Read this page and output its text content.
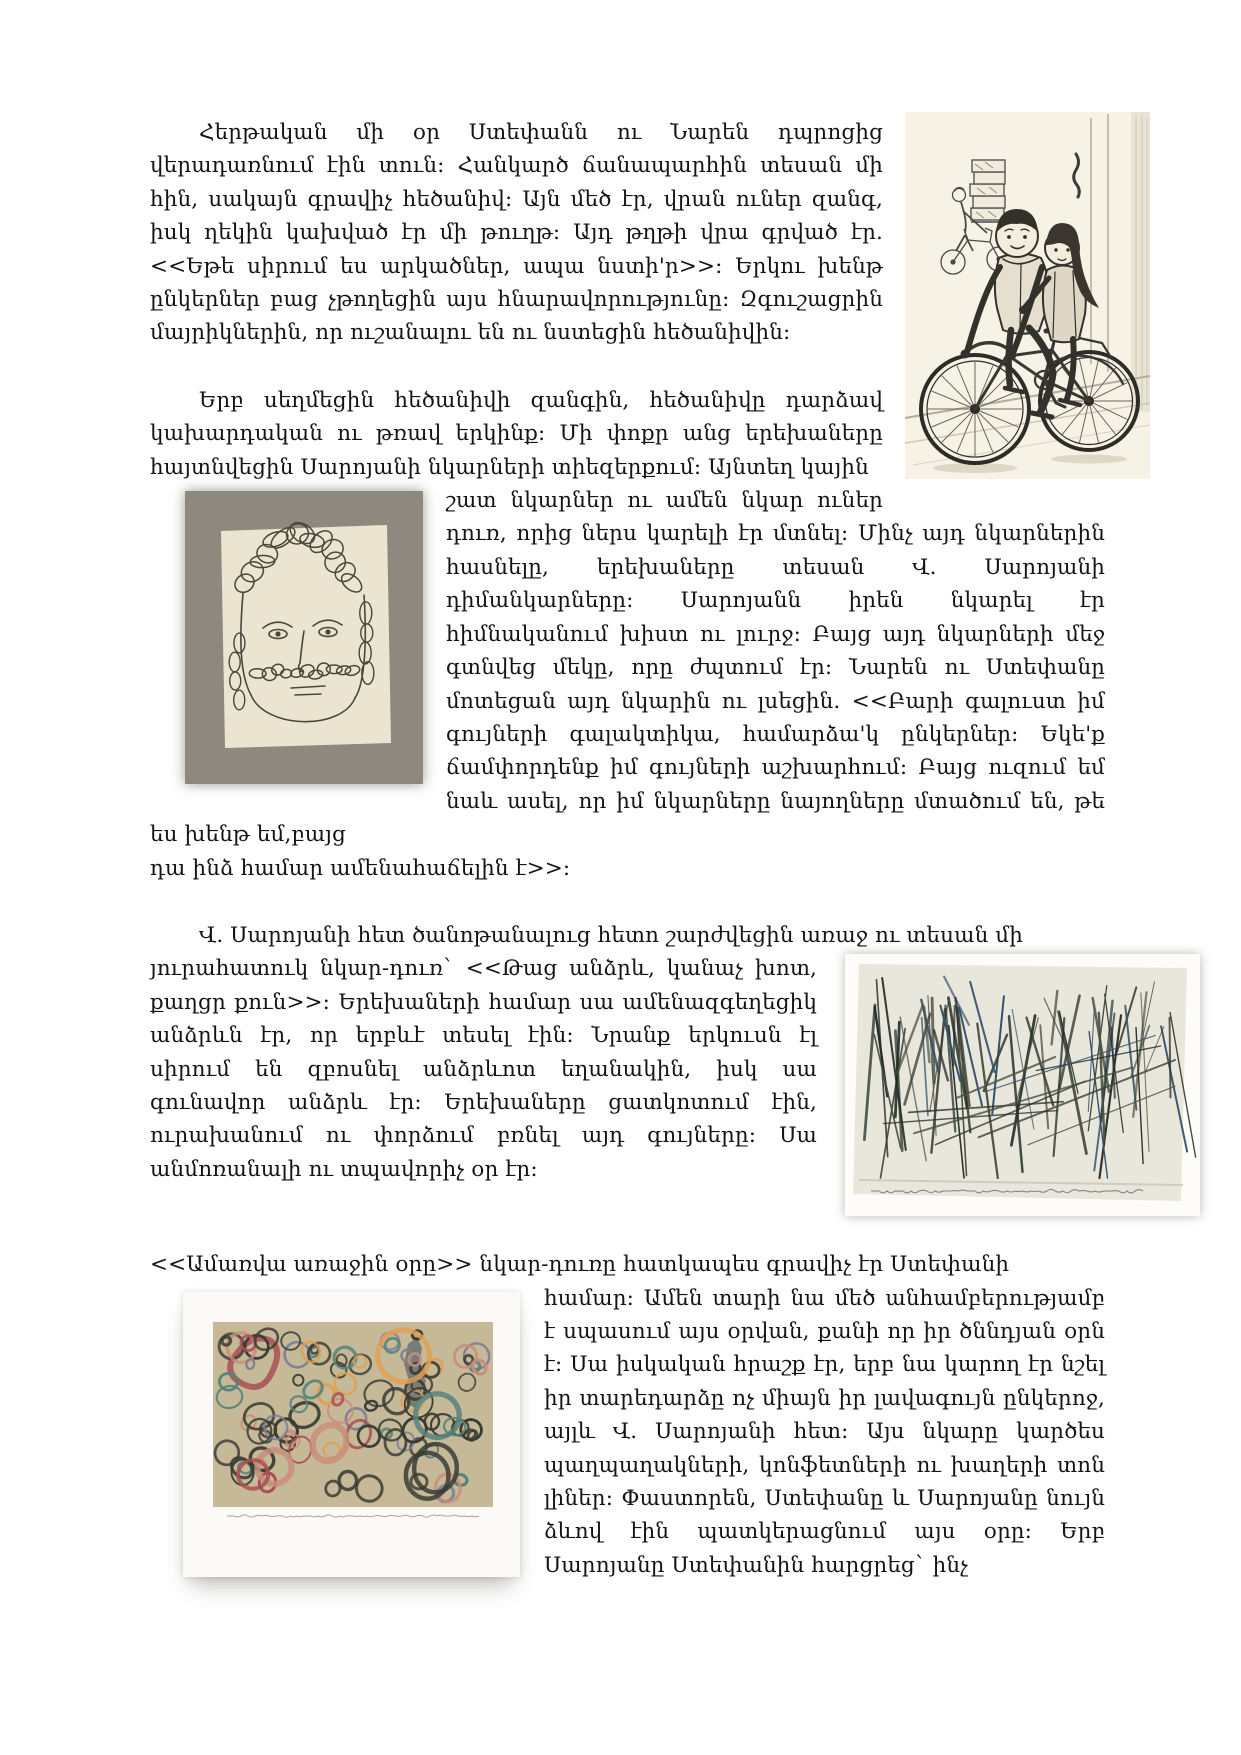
Հերթական մի օր Ստեփանն ու Նարեն դպրոցից վերադառնում էին տուն: Հանկարծ ճանապարհին տեսան մի հին, սակայն գրավիչ հեծանիվ: Այն մեծ էր, վրան ուներ զանգ, իսկ ղեկին կախված էր մի թուղթ: Այդ թղթի վրա գրված էր.<<Եթե սիրում ես արկածներ, ապա նստի'ր>>: Երկու խենթ ընկերներ բաց չթողեցին այս հնարավորությունը: Զգուշացրին մայրիկներին, որ ուշանալու են ու նստեցին հեծանիվին:

Երբ սեղմեցին հեծանիվի զանգին, հեծանիվը դարձավ կախարդական ու թռավ երկինք: Մի փոքր անց երեխաները հայտնվեցին Սարոյանի նկարների տիեզերքում: Այնտեղ կային

շատ նկարներ ու ամեն նկար ուներ դուռ, որից ներս կարելի էր մտնել: Մինչ այդ նկարներին հասնելը, երեխաները տեսան Վ. Սարոյանի դիմանկարները: Սարոյանն իրեն նկարել էր հիմնականում խիստ ու լուրջ: Բայց այդ նկարների մեջ գտնվեց մեկը, որը ժպտում էր: Նարեն ու Ստեփանը մոտեցան այդ նկարին ու լսեցին. <<Բարի գալուստ իմ գույների գալակտիկա, համարձա'կ ընկերներ: Եկե'ք ճամփորդենք իմ գույների աշխարհում: Բայց ուզում եմ նաև ասել, որ իմ նկարները նայողները մտածում են, թե ես խենթ եմ,բայց

դա ինձ համար ամենահաճելին է>>:

Վ. Սարոյանի հետ ծանոթանալուց հետո շարժվեցին առաջ ու տեսան մի

յուրահատուկ նկար-դուռ` <<Թաց անձրև, կանաչ խոտ, քաղցր քուն>>: Երեխաների համար սա ամենազգեղեցիկ անձրևն էր, որ երբևէ տեսել էին: Նրանք երկուսն էլ սիրում են զբոսնել անձրևոտ եղանակին, իսկ սա գունավոր անձրև էր: Երեխաները ցատկոտում էին, ուրախանում ու փորձում բռնել այդ գույները: Սա անմոռանալի ու տպավորիչ օր էր:

<<Ամառվա առաջին օրը>> նկար-դուռը հատկապես գրավիչ էր Ստեփանի

համար: Ամեն տարի նա մեծ անհամբերությամբ է սպասում այս օրվան, քանի որ իր ծննդյան օրն է: Սա իսկական հրաշք էր, երբ նա կարող էր նշել իր տարեդարձը ոչ միայն իր լավագույն ընկերոջ, այլև Վ. Սարոյանի հետ: Այս նկարը կարծես պաղպաղակների, կոնֆետների ու խաղերի տոն լիներ: Փաստորեն, Ստեփանը և Սարոյանը նույն ձևով էին պատկերացնում այս օրը: Երբ Սարոյանը Ստեփանին հարցրեց` ինչ
